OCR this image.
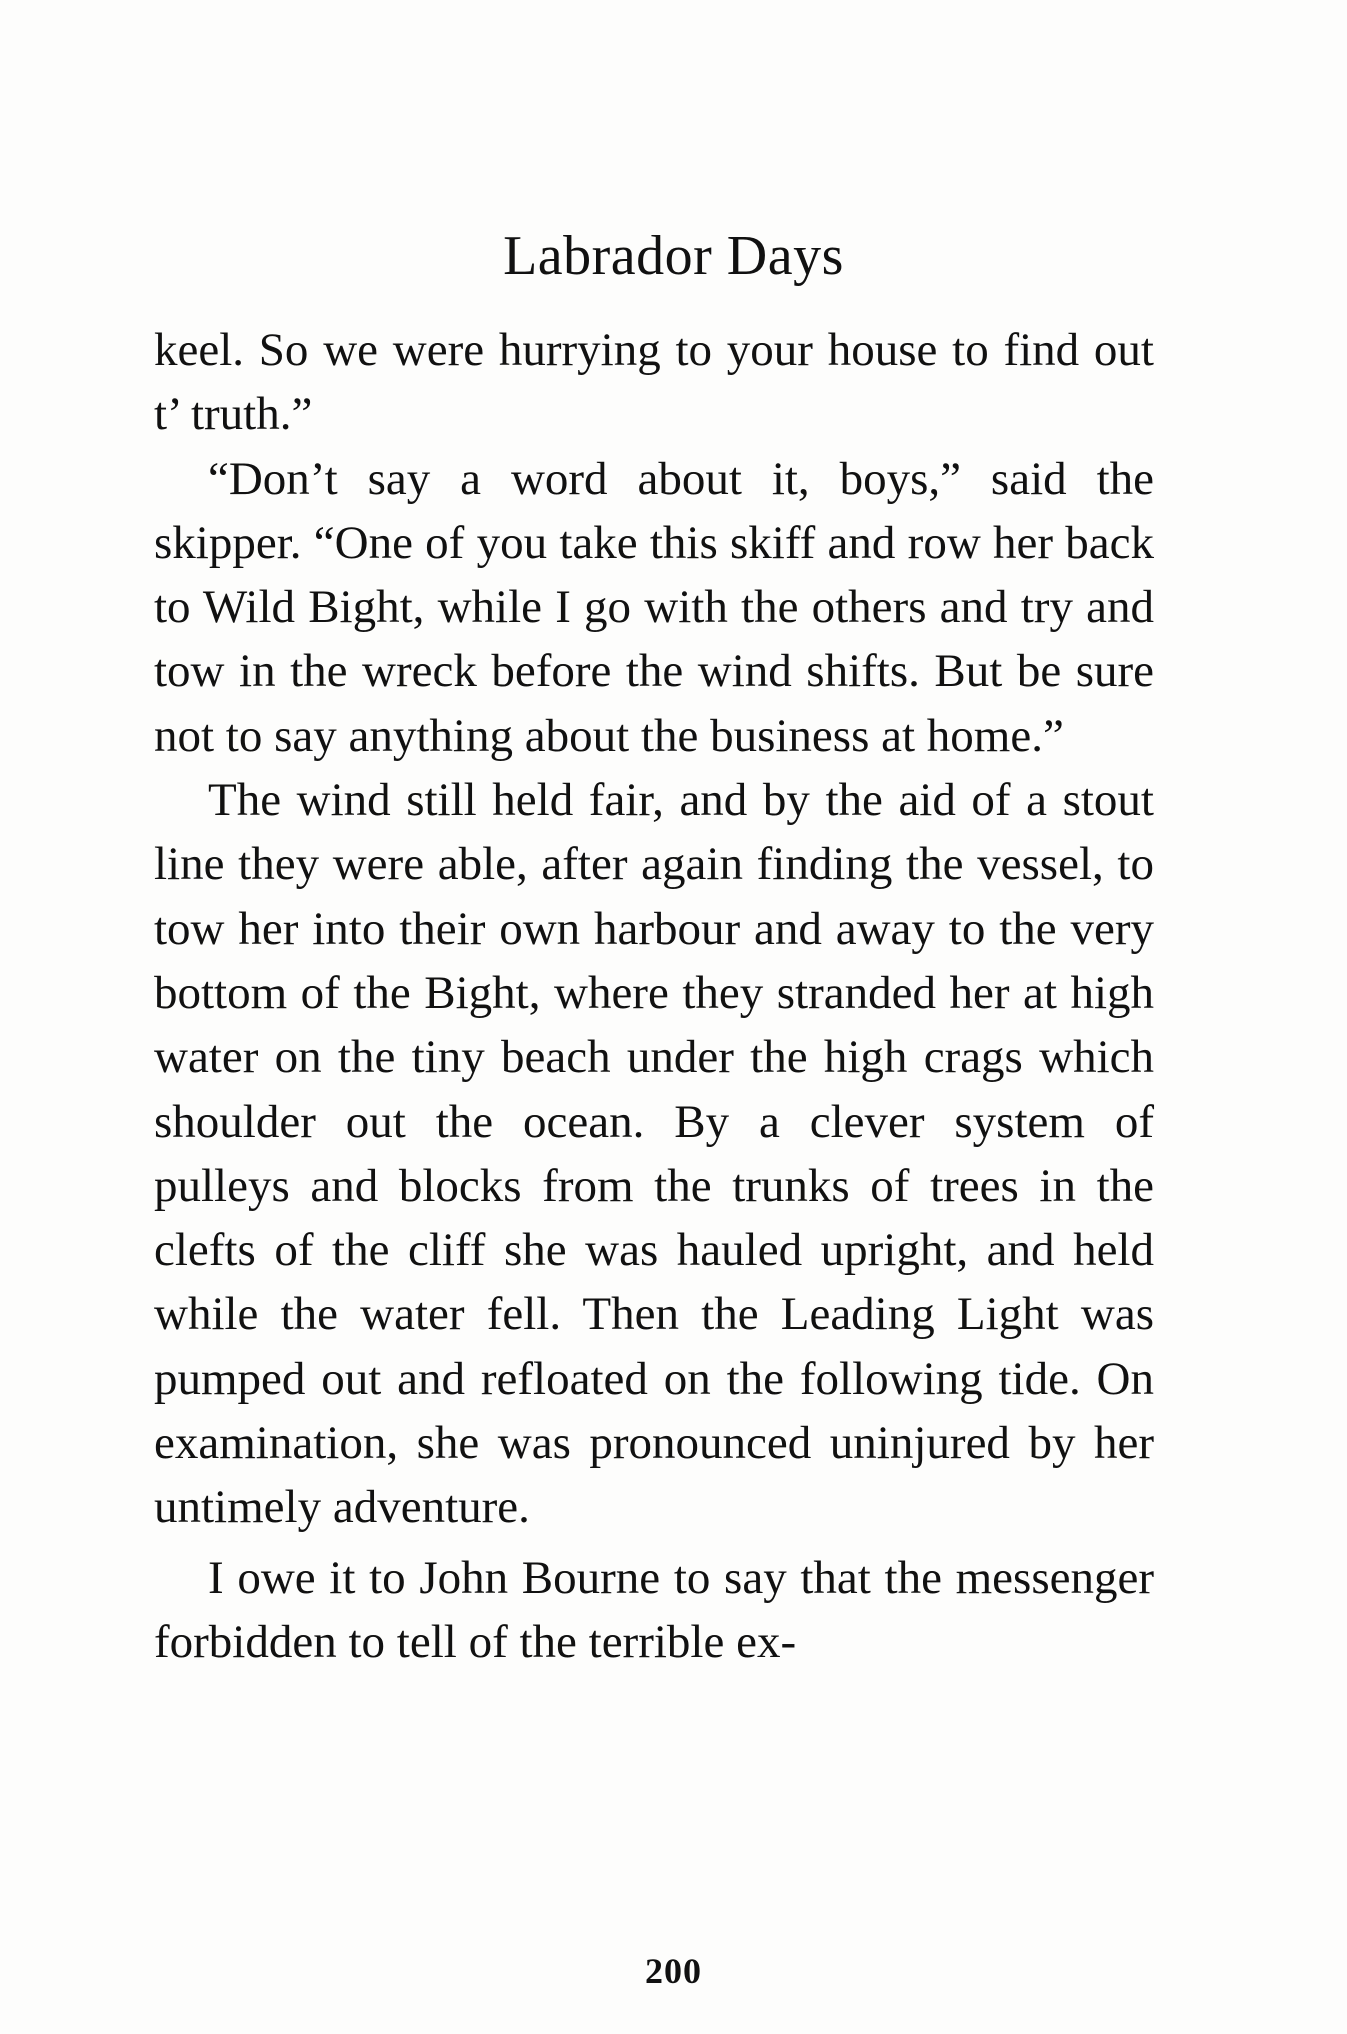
Labrador Days

keel. So we were hurrying to your house to find out t’ truth.”

“Don’t say a word about it, boys,” said the skipper. “One of you take this skiff and row her back to Wild Bight, while I go with the others and try and tow in the wreck before the wind shifts. But be sure not to say anything about the business at home.”

The wind still held fair, and by the aid of a stout line they were able, after again finding the vessel, to tow her into their own harbour and away to the very bottom of the Bight, where they stranded her at high water on the tiny beach under the high crags which shoulder out the ocean. By a clever system of pulleys and blocks from the trunks of trees in the clefts of the cliff she was hauled upright, and held while the water fell. Then the Leading Light was pumped out and refloated on the following tide. On examination, she was pronounced uninjured by her untimely adventure.

I owe it to John Bourne to say that the messenger forbidden to tell of the terrible ex-

200
